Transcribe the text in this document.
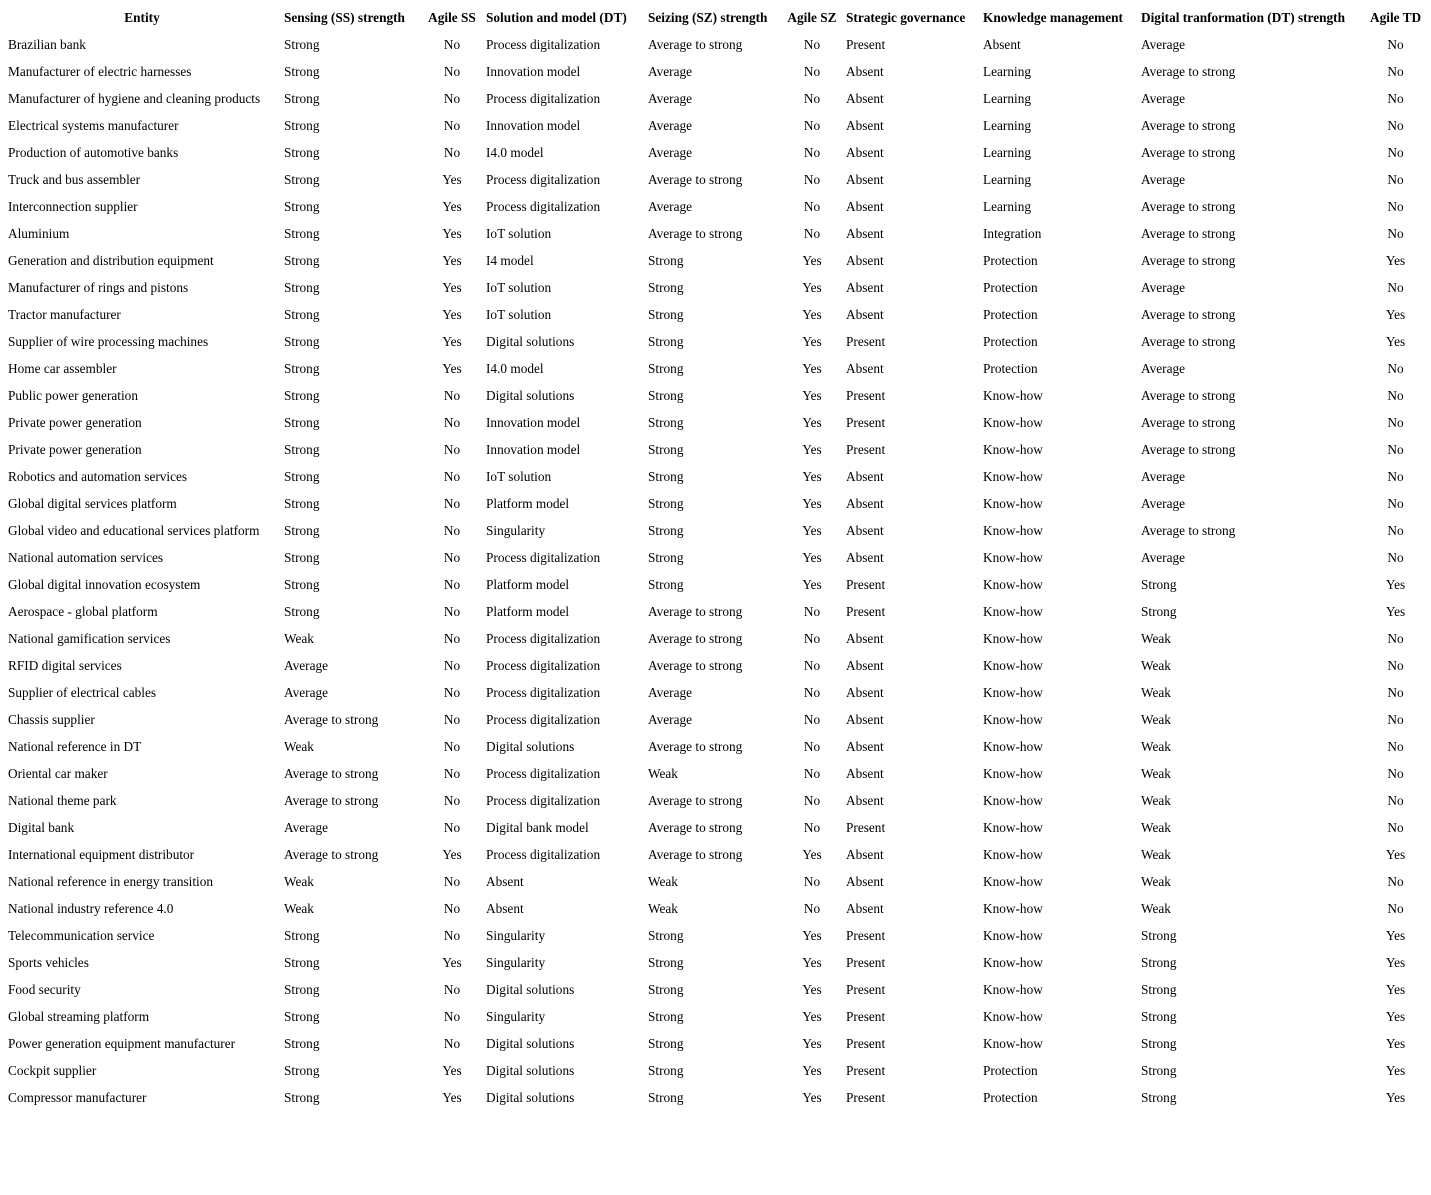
Entity	Sensing (SS) strength	Agile SS	Solution and model (DT)	Seizing (SZ) strength	Agile SZ	Strategic governance	Knowledge management	Digital tranformation (DT) strength	Agile TD
Brazilian bank	Strong	No	Process digitalization	Average to strong	No	Present	Absent	Average	No
Manufacturer of electric harnesses	Strong	No	Innovation model	Average	No	Absent	Learning	Average to strong	No
Manufacturer of hygiene and cleaning products	Strong	No	Process digitalization	Average	No	Absent	Learning	Average	No
Electrical systems manufacturer	Strong	No	Innovation model	Average	No	Absent	Learning	Average to strong	No
Production of automotive banks	Strong	No	I4.0 model	Average	No	Absent	Learning	Average to strong	No
Truck and bus assembler	Strong	Yes	Process digitalization	Average to strong	No	Absent	Learning	Average	No
Interconnection supplier	Strong	Yes	Process digitalization	Average	No	Absent	Learning	Average to strong	No
Aluminium	Strong	Yes	IoT solution	Average to strong	No	Absent	Integration	Average to strong	No
Generation and distribution equipment	Strong	Yes	I4 model	Strong	Yes	Absent	Protection	Average to strong	Yes
Manufacturer of rings and pistons	Strong	Yes	IoT solution	Strong	Yes	Absent	Protection	Average	No
Tractor manufacturer	Strong	Yes	IoT solution	Strong	Yes	Absent	Protection	Average to strong	Yes
Supplier of wire processing machines	Strong	Yes	Digital solutions	Strong	Yes	Present	Protection	Average to strong	Yes
Home car assembler	Strong	Yes	I4.0 model	Strong	Yes	Absent	Protection	Average	No
Public power generation	Strong	No	Digital solutions	Strong	Yes	Present	Know-how	Average to strong	No
Private power generation	Strong	No	Innovation model	Strong	Yes	Present	Know-how	Average to strong	No
Private power generation	Strong	No	Innovation model	Strong	Yes	Present	Know-how	Average to strong	No
Robotics and automation services	Strong	No	IoT solution	Strong	Yes	Absent	Know-how	Average	No
Global digital services platform	Strong	No	Platform model	Strong	Yes	Absent	Know-how	Average	No
Global video and educational services platform	Strong	No	Singularity	Strong	Yes	Absent	Know-how	Average to strong	No
National automation services	Strong	No	Process digitalization	Strong	Yes	Absent	Know-how	Average	No
Global digital innovation ecosystem	Strong	No	Platform model	Strong	Yes	Present	Know-how	Strong	Yes
Aerospace - global platform	Strong	No	Platform model	Average to strong	No	Present	Know-how	Strong	Yes
National gamification services	Weak	No	Process digitalization	Average to strong	No	Absent	Know-how	Weak	No
RFID digital services	Average	No	Process digitalization	Average to strong	No	Absent	Know-how	Weak	No
Supplier of electrical cables	Average	No	Process digitalization	Average	No	Absent	Know-how	Weak	No
Chassis supplier	Average to strong	No	Process digitalization	Average	No	Absent	Know-how	Weak	No
National reference in DT	Weak	No	Digital solutions	Average to strong	No	Absent	Know-how	Weak	No
Oriental car maker	Average to strong	No	Process digitalization	Weak	No	Absent	Know-how	Weak	No
National theme park	Average to strong	No	Process digitalization	Average to strong	No	Absent	Know-how	Weak	No
Digital bank	Average	No	Digital bank model	Average to strong	No	Present	Know-how	Weak	No
International equipment distributor	Average to strong	Yes	Process digitalization	Average to strong	Yes	Absent	Know-how	Weak	Yes
National reference in energy transition	Weak	No	Absent	Weak	No	Absent	Know-how	Weak	No
National industry reference 4.0	Weak	No	Absent	Weak	No	Absent	Know-how	Weak	No
Telecommunication service	Strong	No	Singularity	Strong	Yes	Present	Know-how	Strong	Yes
Sports vehicles	Strong	Yes	Singularity	Strong	Yes	Present	Know-how	Strong	Yes
Food security	Strong	No	Digital solutions	Strong	Yes	Present	Know-how	Strong	Yes
Global streaming platform	Strong	No	Singularity	Strong	Yes	Present	Know-how	Strong	Yes
Power generation equipment manufacturer	Strong	No	Digital solutions	Strong	Yes	Present	Know-how	Strong	Yes
Cockpit supplier	Strong	Yes	Digital solutions	Strong	Yes	Present	Protection	Strong	Yes
Compressor manufacturer	Strong	Yes	Digital solutions	Strong	Yes	Present	Protection	Strong	Yes
